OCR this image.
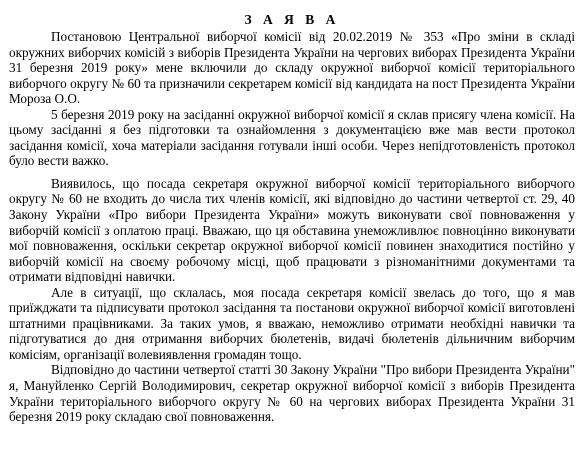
З А Я В А

Постановою Центральної виборчої комісії від 20.02.2019 № 353 «Про зміни в складі окружних виборчих комісій з виборів Президента України на чергових виборах Президента України 31 березня 2019 року» мене включили до складу окружної виборчої комісії територіального виборчого округу № 60 та призначили секретарем комісії від кандидата на пост Президента України Мороза О.О.

5 березня 2019 року на засіданні окружної виборчої комісії я склав присягу члена комісії. На цьому засіданні я без підготовки та ознайомлення з документацією вже мав вести протокол засідання комісії, хоча матеріали засідання готували інші особи. Через непідготовленість протокол було вести важко.

Виявилось, що посада секретаря окружної виборчої комісії територіального виборчого округу № 60 не входить до числа тих членів комісії, які відповідно до частини четвертої ст. 29, 40 Закону України «Про вибори Президента України» можуть виконувати свої повноваження у виборчій комісії з оплатою праці. Вважаю, що ця обставина унеможливлює повноцінно виконувати мої повноваження, оскільки секретар окружної виборчої комісії повинен знаходитися постійно у виборчій комісії на своєму робочому місці, щоб працювати з різноманітними документами та отримати відповідні навички.

Але в ситуації, що склалась, моя посада секретаря комісії звелась до того, що я мав приїжджати та підписувати протокол засідання та постанови окружної виборчої комісії виготовлені штатними працівниками. За таких умов, я вважаю, неможливо отримати необхідні навички та підготуватися до дня отримання виборчих бюлетенів, видачі бюлетенів дільничним виборчим комісіям, організації волевиявлення громадян тощо.

Відповідно до частини четвертої статті 30 Закону України "Про вибори Президента України" я, Мануйленко Сергій Володимирович, секретар окружної виборчої комісії з виборів Президента України територіального виборчого округу № 60 на чергових виборах Президента України 31 березня 2019 року складаю свої повноваження.
